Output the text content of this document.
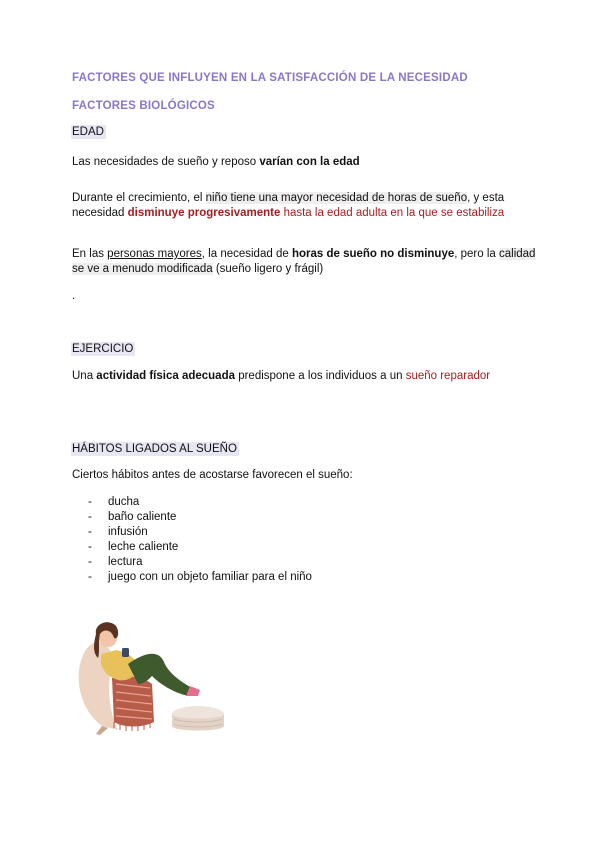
FACTORES QUE INFLUYEN EN LA SATISFACCIÓN DE LA NECESIDAD
FACTORES BIOLÓGICOS
EDAD
Las necesidades de sueño y reposo varían con la edad
Durante el crecimiento, el niño tiene una mayor necesidad de horas de sueño, y esta
necesidad disminuye progresivamente hasta la edad adulta en la que se estabiliza
En las personas mayores, la necesidad de horas de sueño no disminuye, pero la calidad
se ve a menudo modificada (sueño ligero y frágil)
.
EJERCICIO
Una actividad física adecuada predispone a los individuos a un sueño reparador
HÁBITOS LIGADOS AL SUEÑO
Ciertos hábitos antes de acostarse favorecen el sueño:
- ducha
- baño caliente
- infusión
- leche caliente
- lectura
- juego con un objeto familiar para el niño
